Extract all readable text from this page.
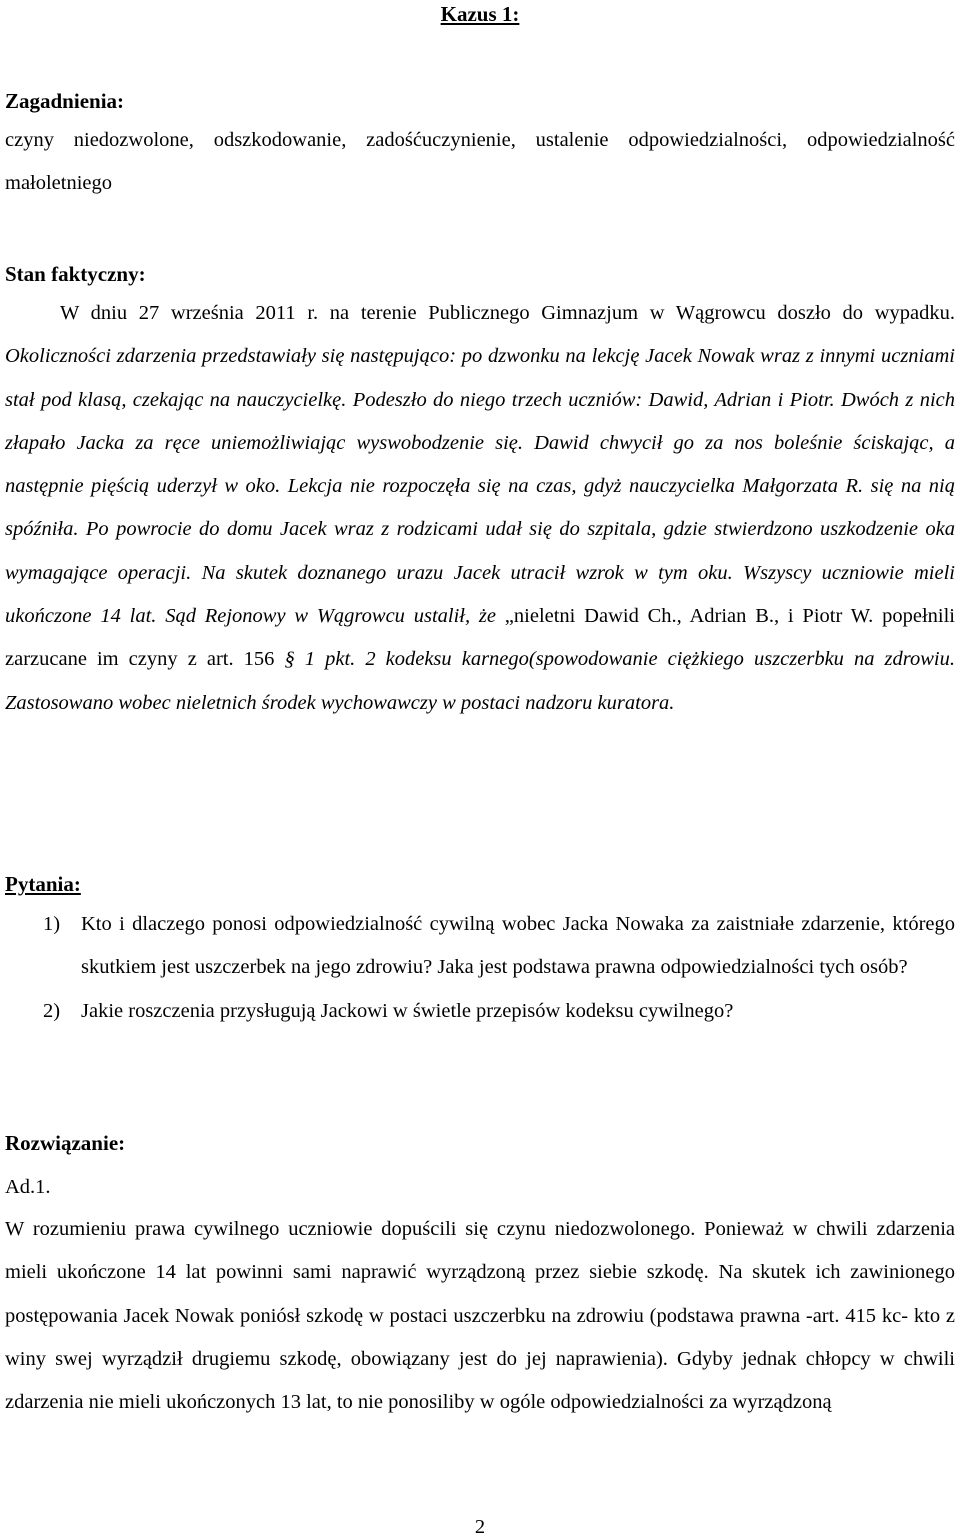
Kazus 1:
Zagadnienia:

czyny niedozwolone, odszkodowanie, zadośćuczynienie, ustalenie odpowiedzialności, odpowiedzialność małoletniego

Stan faktyczny:

W dniu 27 września 2011 r. na terenie Publicznego Gimnazjum w Wągrowcu doszło do wypadku. Okoliczności zdarzenia przedstawiały się następująco: po dzwonku na lekcję Jacek Nowak wraz z innymi uczniami stał pod klasą, czekając na nauczycielkę. Podeszło do niego trzech uczniów: Dawid, Adrian i Piotr. Dwóch z nich złapało Jacka za ręce uniemożliwiając wyswobodzenie się. Dawid chwycił go za nos boleśnie ściskając, a następnie pięścią uderzył w oko. Lekcja nie rozpoczęła się na czas, gdyż nauczycielka Małgorzata R. się na nią spóźniła. Po powrocie do domu Jacek wraz z rodzicami udał się do szpitala, gdzie stwierdzono uszkodzenie oka wymagające operacji. Na skutek doznanego urazu Jacek utracił wzrok w tym oku. Wszyscy uczniowie mieli ukończone 14 lat. Sąd Rejonowy w Wągrowcu ustalił, że „nieletni Dawid Ch., Adrian B., i Piotr W. popełnili zarzucane im czyny z art. 156 § 1 pkt. 2 kodeksu karnego(spowodowanie ciężkiego uszczerbku na zdrowiu. Zastosowano wobec nieletnich środek wychowawczy w postaci nadzoru kuratora.

Pytania:
1) Kto i dlaczego ponosi odpowiedzialność cywilną wobec Jacka Nowaka za zaistniałe zdarzenie, którego skutkiem jest uszczerbek na jego zdrowiu? Jaka jest podstawa prawna odpowiedzialności tych osób?
2) Jakie roszczenia przysługują Jackowi w świetle przepisów kodeksu cywilnego?
Rozwiązanie:
Ad.1.

W rozumieniu prawa cywilnego uczniowie dopuścili się czynu niedozwolonego. Ponieważ w chwili zdarzenia mieli ukończone 14 lat powinni sami naprawić wyrządzoną przez siebie szkodę. Na skutek ich zawinionego postępowania Jacek Nowak poniósł szkodę w postaci uszczerbku na zdrowiu (podstawa prawna -art. 415 kc- kto z winy swej wyrządził drugiemu szkodę, obowiązany jest do jej naprawienia). Gdyby jednak chłopcy w chwili zdarzenia nie mieli ukończonych 13 lat, to nie ponosiliby w ogóle odpowiedzialności za wyrządzoną

2
